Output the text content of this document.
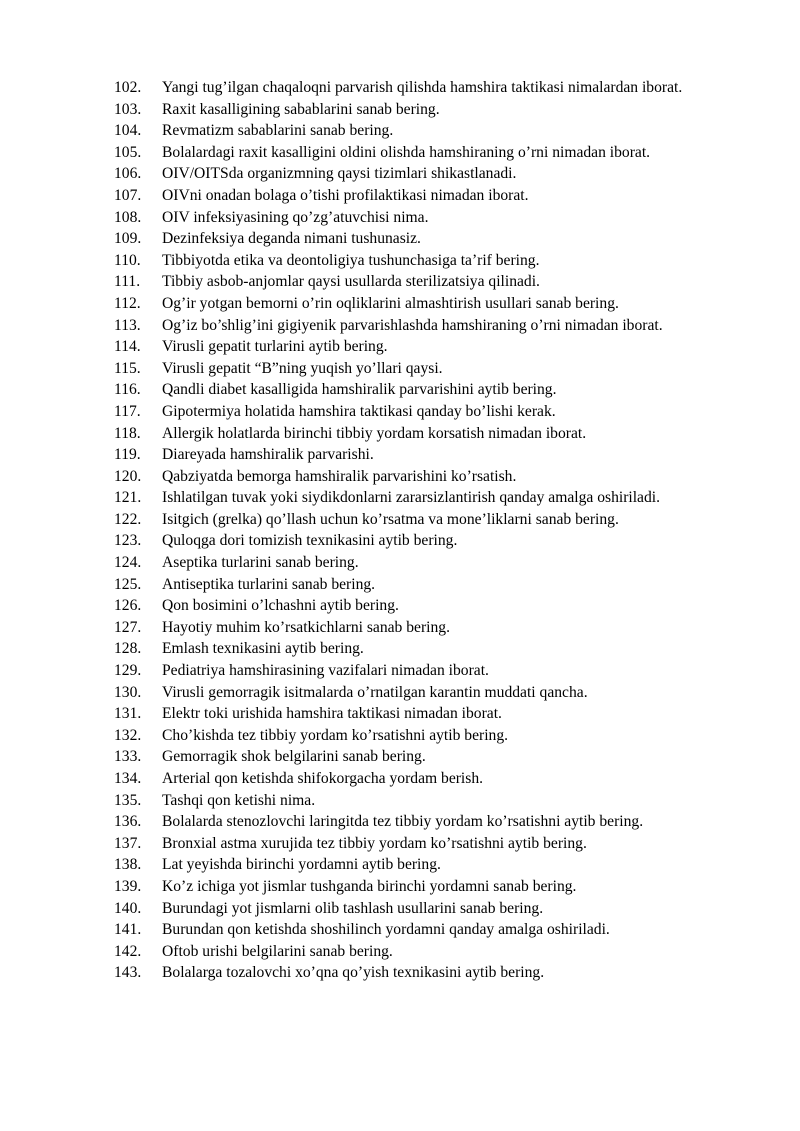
102.	Yangi tug’ilgan chaqaloqni parvarish qilishda hamshira taktikasi nimalardan iborat.
103.	Raxit kasalligining sabablarini sanab bering.
104.	Revmatizm sabablarini sanab bering.
105.	Bolalardagi raxit kasalligini oldini olishda hamshiraning o’rni nimadan iborat.
106.	OIV/OITSda organizmning qaysi tizimlari shikastlanadi.
107.	OIVni onadan bolaga o’tishi profilaktikasi nimadan iborat.
108.	OIV infeksiyasining qo’zg’atuvchisi nima.
109.	Dezinfeksiya deganda nimani tushunasiz.
110.	Tibbiyotda etika va deontoligiya tushunchasiga ta’rif bering.
111.	Tibbiy asbob-anjomlar qaysi usullarda sterilizatsiya qilinadi.
112.	Og’ir yotgan bemorni o’rin oqliklarini almashtirish usullari sanab bering.
113.	Og’iz bo’shlig’ini gigiyenik parvarishlashda hamshiraning o’rni nimadan iborat.
114.	Virusli gepatit turlarini aytib bering.
115.	Virusli gepatit “B”ning yuqish yo’llari qaysi.
116.	Qandli diabet kasalligida hamshiralik parvarishini aytib bering.
117.	Gipotermiya holatida hamshira taktikasi qanday bo’lishi kerak.
118.	Allergik holatlarda birinchi tibbiy yordam korsatish nimadan iborat.
119.	Diareyada hamshiralik parvarishi.
120.	Qabziyatda bemorga hamshiralik parvarishini ko’rsatish.
121.	Ishlatilgan tuvak yoki siydikdonlarni zararsizlantirish qanday amalga oshiriladi.
122.	Isitgich (grelka) qo’llash uchun ko’rsatma va mone’liklarni sanab bering.
123.	Quloqga dori tomizish texnikasini aytib bering.
124.	Aseptika turlarini sanab bering.
125.	Antiseptika turlarini sanab bering.
126.	Qon bosimini o’lchashni aytib bering.
127.	Hayotiy muhim ko’rsatkichlarni sanab bering.
128.	Emlash texnikasini aytib bering.
129.	Pediatriya hamshirasining vazifalari nimadan iborat.
130.	Virusli gemorragik isitmalarda o’rnatilgan karantin muddati qancha.
131.	Elektr toki urishida hamshira taktikasi nimadan iborat.
132.	Cho’kishda tez tibbiy yordam ko’rsatishni aytib bering.
133.	Gemorragik shok belgilarini sanab bering.
134.	Arterial qon ketishda shifokorgacha yordam berish.
135.	Tashqi qon ketishi nima.
136.	Bolalarda stenozlovchi laringitda tez tibbiy yordam ko’rsatishni aytib bering.
137.	Bronxial astma xurujida tez tibbiy yordam ko’rsatishni aytib bering.
138.	Lat yeyishda birinchi yordamni aytib bering.
139.	Ko’z ichiga yot jismlar tushganda birinchi yordamni sanab bering.
140.	Burundagi yot jismlarni olib tashlash usullarini sanab bering.
141.	Burundan qon ketishda shoshilinch yordamni qanday amalga oshiriladi.
142.	Oftob urishi belgilarini sanab bering.
143.	Bolalarga tozalovchi xo’qna qo’yish texnikasini aytib bering.
